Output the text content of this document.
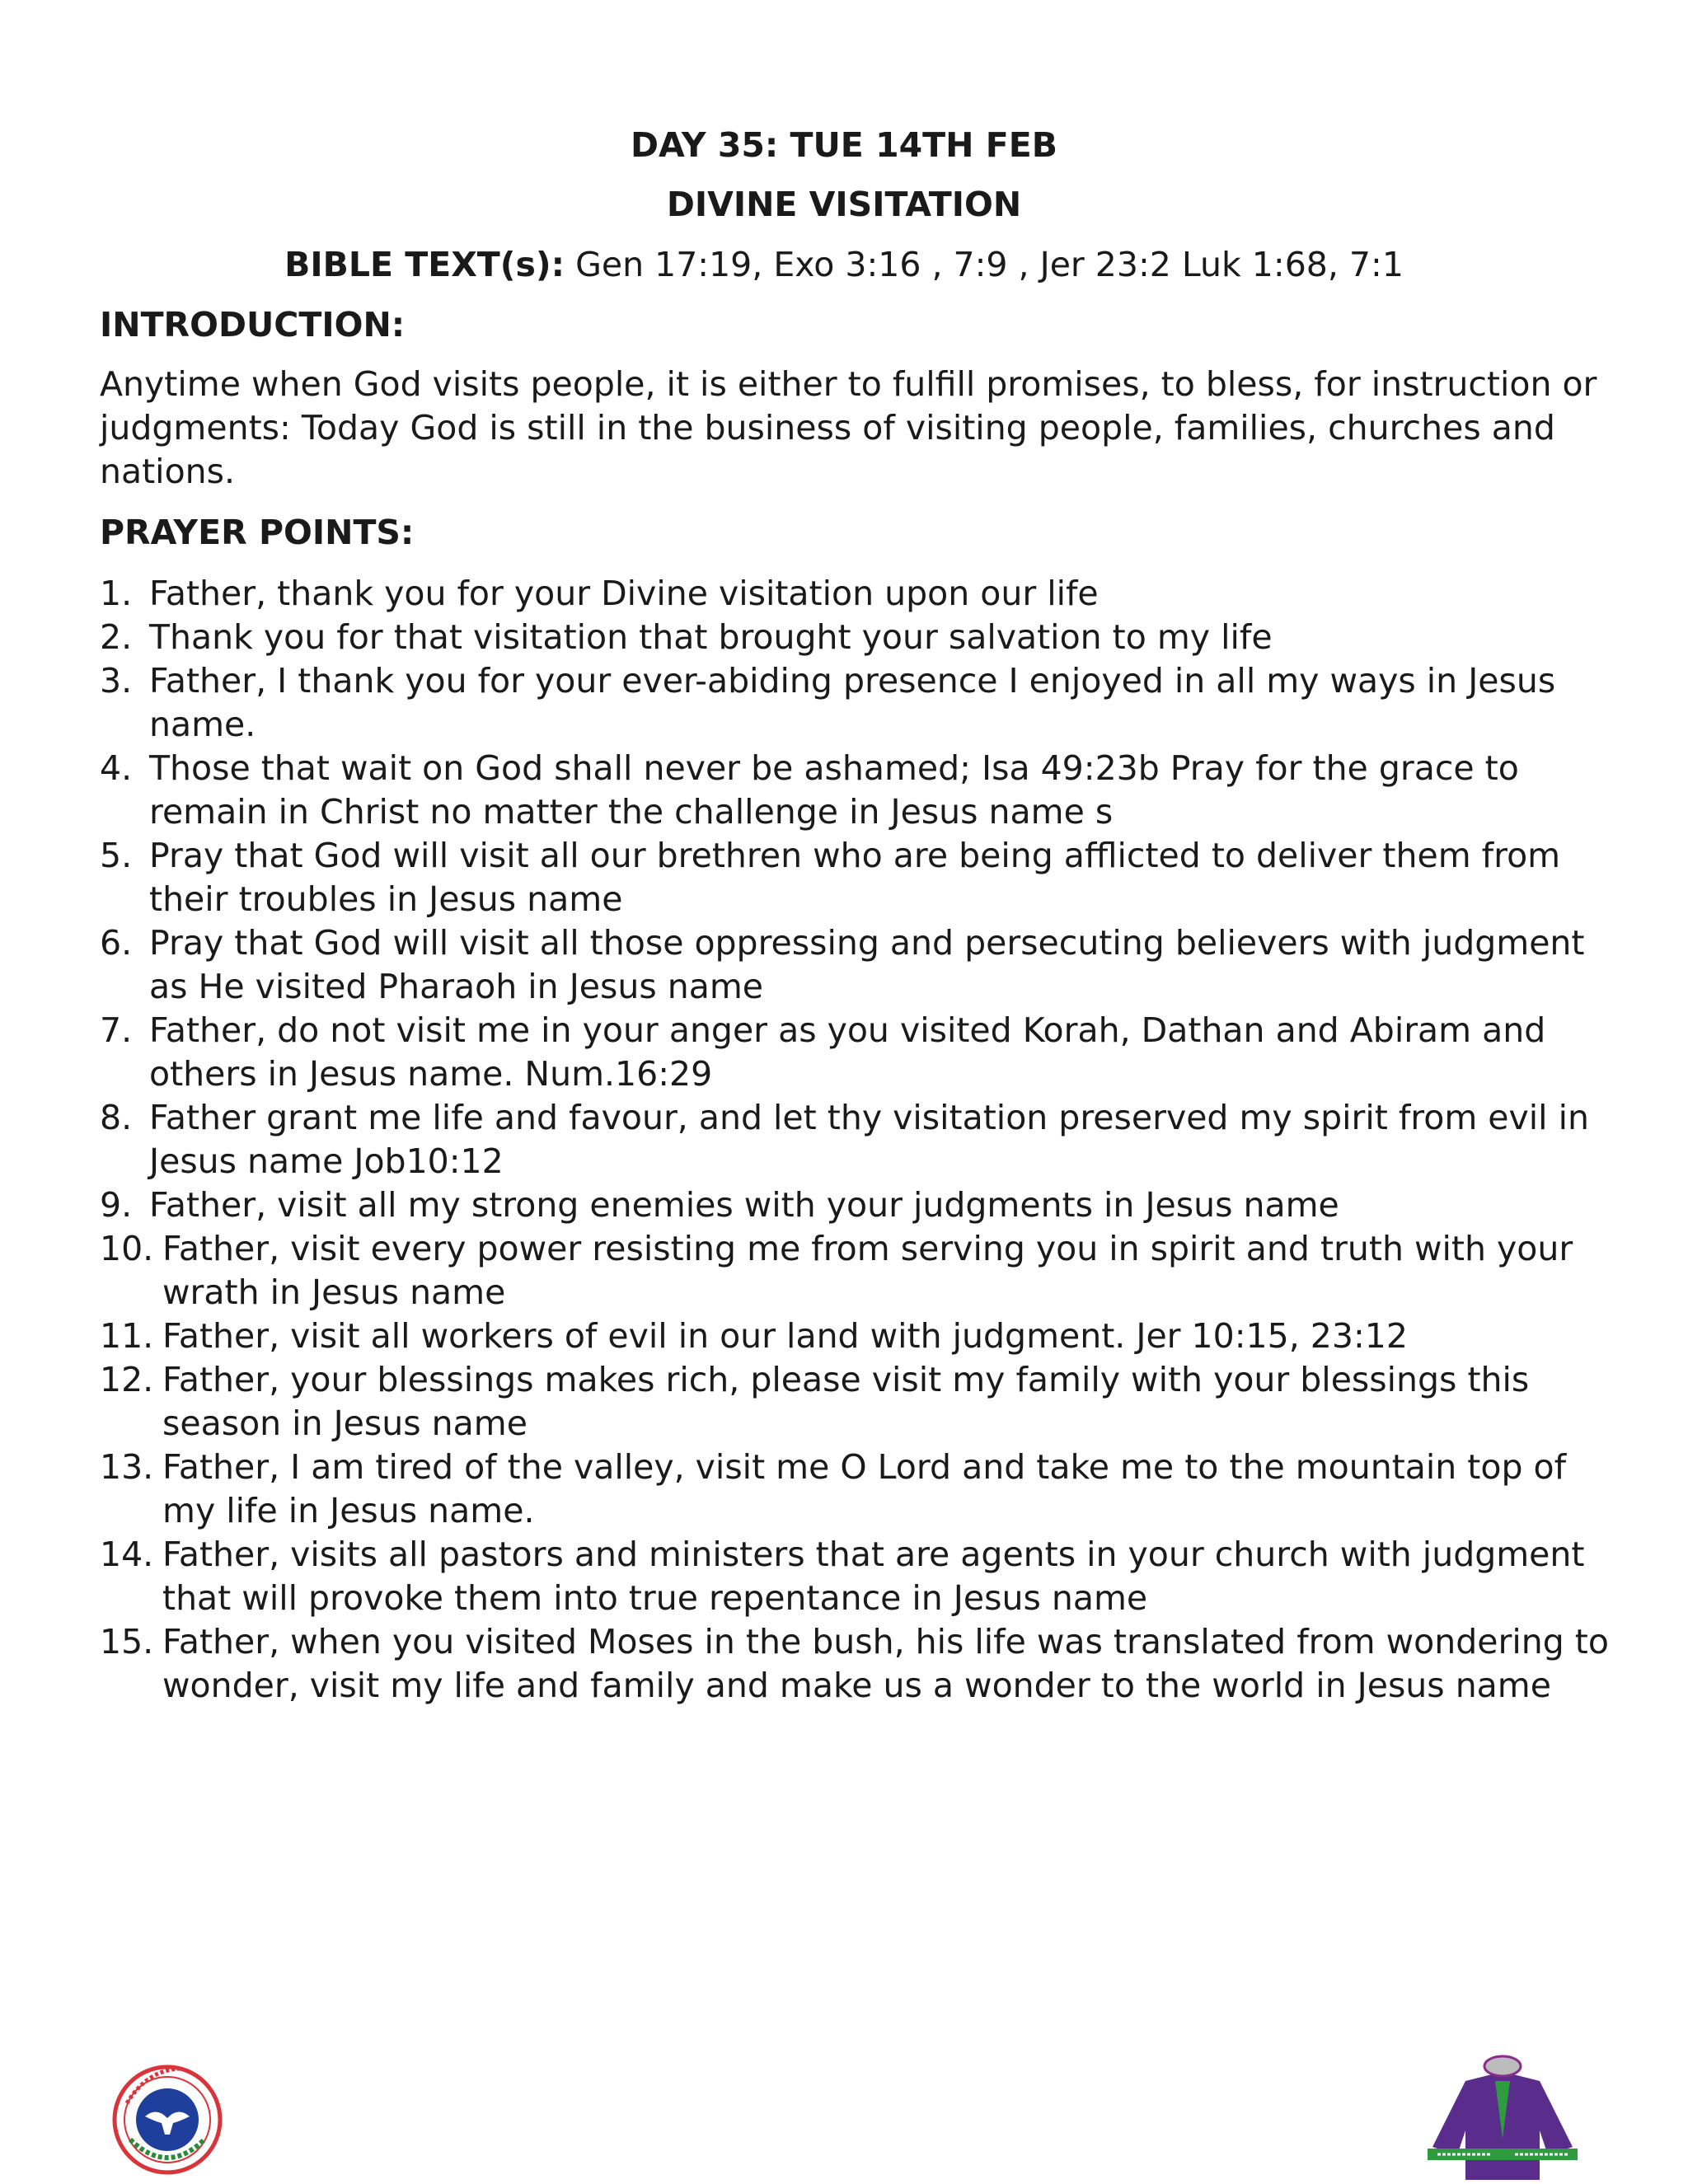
DAY 35: TUE 14TH FEB
DIVINE VISITATION
BIBLE TEXT(s): Gen 17:19, Exo 3:16 , 7:9 , Jer 23:2 Luk 1:68, 7:1
INTRODUCTION:
Anytime when God visits people, it is either to fulfill promises, to bless, for instruction or judgments: Today God is still in the business of visiting people, families, churches and nations.
PRAYER POINTS:
1. Father, thank you for your Divine visitation upon our life
2. Thank you for that visitation that brought your salvation to my life
3. Father, I thank you for your ever-abiding presence I enjoyed in all my ways in Jesus name.
4. Those that wait on God shall never be ashamed; Isa 49:23b Pray for the grace to remain in Christ no matter the challenge in Jesus name s
5. Pray that God will visit all our brethren who are being afflicted to deliver them from their troubles in Jesus name
6. Pray that God will visit all those oppressing and persecuting believers with judgment as He visited Pharaoh in Jesus name
7. Father, do not visit me in your anger as you visited Korah, Dathan and Abiram and others in Jesus name. Num.16:29
8. Father grant me life and favour, and let thy visitation preserved my spirit from evil in Jesus name Job10:12
9. Father, visit all my strong enemies with your judgments in Jesus name
10. Father, visit every power resisting me from serving you in spirit and truth with your wrath in Jesus name
11. Father, visit all workers of evil in our land with judgment. Jer 10:15, 23:12
12. Father, your blessings makes rich, please visit my family with your blessings this season in Jesus name
13. Father, I am tired of the valley, visit me O Lord and take me to the mountain top of my life in Jesus name.
14. Father, visits all pastors and ministers that are agents in your church with judgment that will provoke them into true repentance in Jesus name
15. Father, when you visited Moses in the bush, his life was translated from wondering to wonder, visit my life and family and make us a wonder to the world in Jesus name
